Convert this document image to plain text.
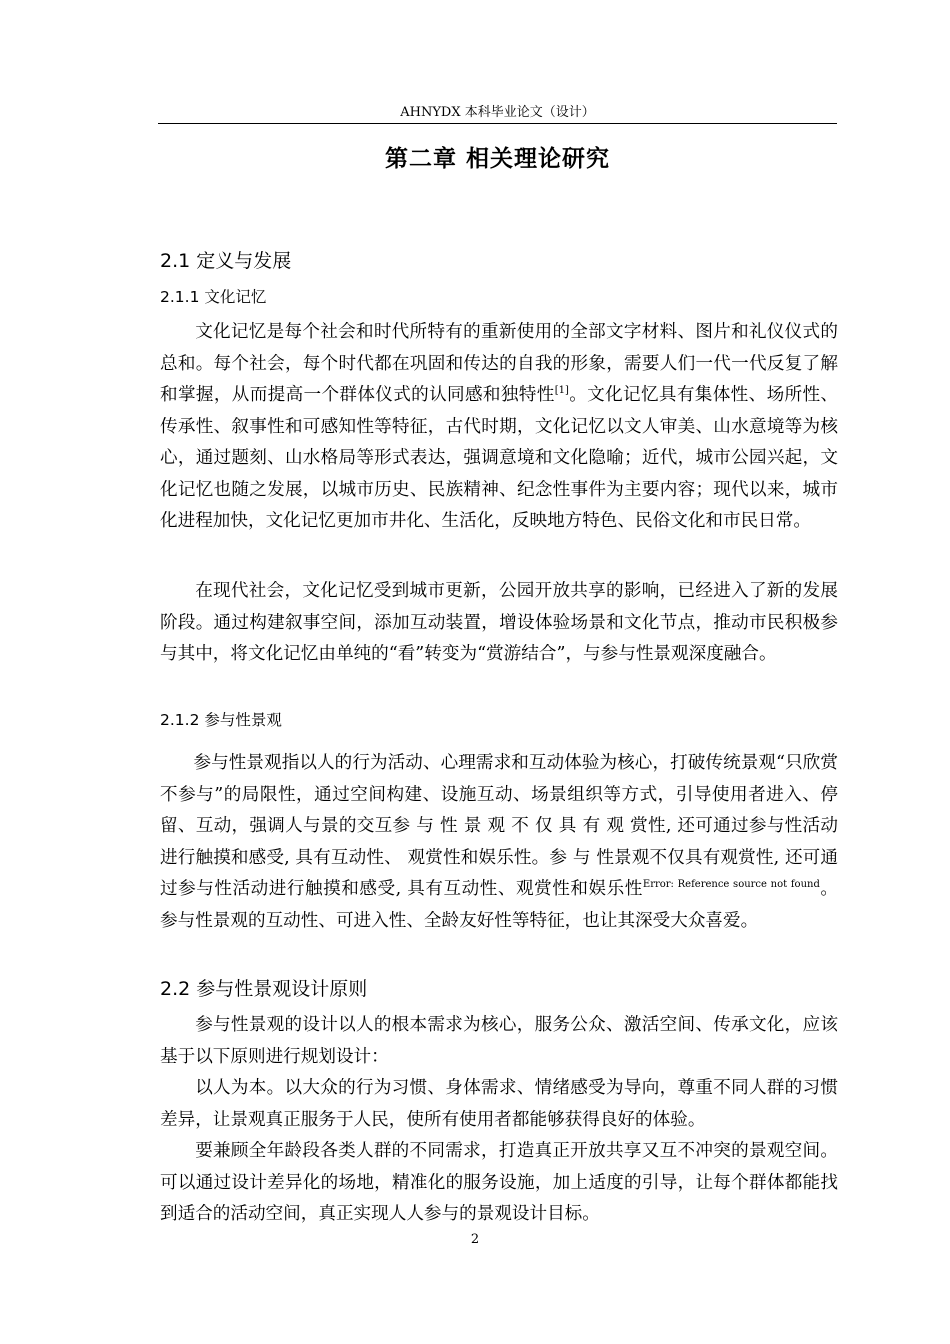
AHNYDX 本科毕业论文（设计）
第二章 相关理论研究
2.1 定义与发展
2.1.1 文化记忆

文化记忆是每个社会和时代所特有的重新使用的全部文字材料、图片和礼仪仪式的总和。每个社会，每个时代都在巩固和传达的自我的形象，需要人们一代一代反复了解和掌握，从而提高一个群体仪式的认同感和独特性[1]。文化记忆具有集体性、场所性、传承性、叙事性和可感知性等特征，古代时期，文化记忆以文人审美、山水意境等为核心，通过题刻、山水格局等形式表达，强调意境和文化隐喻；近代，城市公园兴起，文化记忆也随之发展，以城市历史、民族精神、纪念性事件为主要内容；现代以来，城市化进程加快，文化记忆更加市井化、生活化，反映地方特色、民俗文化和市民日常。

在现代社会，文化记忆受到城市更新，公园开放共享的影响，已经进入了新的发展阶段。通过构建叙事空间，添加互动装置，增设体验场景和文化节点，推动市民积极参与其中，将文化记忆由单纯的“看”转变为“赏游结合”，与参与性景观深度融合。

2.1.2 参与性景观

参与性景观指以人的行为活动、心理需求和互动体验为核心，打破传统景观“只欣赏不参与”的局限性，通过空间构建、设施互动、场景组织等方式，引导使用者进入、停留、互动，强调人与景的交互参 与 性 景 观 不 仅 具 有 观 赏性, 还可通过参与性活动进行触摸和感受, 具有互动性、 观赏性和娱乐性。参 与 性景观不仅具有观赏性, 还可通过参与性活动进行触摸和感受, 具有互动性、观赏性和娱乐性$^{Error: Reference source not found}$。参与性景观的互动性、可进入性、全龄友好性等特征，也让其深受大众喜爱。

2.2 参与性景观设计原则

参与性景观的设计以人的根本需求为核心，服务公众、激活空间、传承文化，应该基于以下原则进行规划设计：

以人为本。以大众的行为习惯、身体需求、情绪感受为导向，尊重不同人群的习惯差异，让景观真正服务于人民，使所有使用者都能够获得良好的体验。

要兼顾全年龄段各类人群的不同需求，打造真正开放共享又互不冲突的景观空间。可以通过设计差异化的场地，精准化的服务设施，加上适度的引导，让每个群体都能找到适合的活动空间，真正实现人人参与的景观设计目标。

2
